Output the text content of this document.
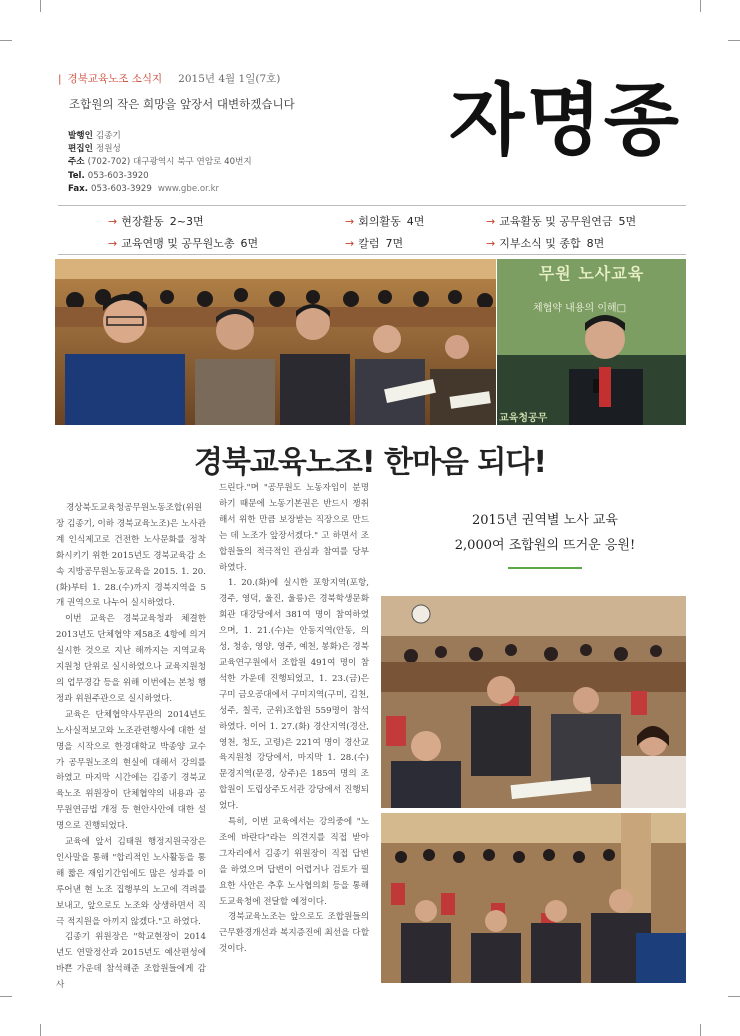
| 경북교육노조 소식지 2015년 4월 1일(7호)
조합원의 작은 희망을 앞장서 대변하겠습니다
발행인 김종기
편집인 정원성
주소 (702-702) 대구광역시 북구 연암로 40번지
Tel. 053-603-3920
Fax. 053-603-3929 www.gbe.or.kr
자명종
→ 현장활동 2~3면	→ 회의활동 4면	→ 교육활동 및 공무원연금 5면
→ 교육연맹 및 공무원노총 6면	→ 칼럼 7면	→ 지부소식 및 종합 8면
무원 노사교육
체협약 내용의 이해□
교육청공무
경북교육노조! 한마음 되다!
2015년 권역별 노사 교육
2,000여 조합원의 뜨거운 응원!

경상북도교육청공무원노동조합(위원장 김종기, 이하 경북교육노조)은 노사관계 인식제고로 건전한 노사문화를 정착화시키기 위한 2015년도 경북교육감 소속 지방공무원노동교육을 2015. 1. 20.(화)부터 1. 28.(수)까지 경북지역을 5개 권역으로 나누어 실시하였다.

이번 교육은 경북교육청과 체결한 2013년도 단체협약 제58조 4항에 의거 실시한 것으로 지난 해까지는 지역교육지원청 단위로 실시하였으나 교육지원청의 업무경감 등을 위해 이번에는 본청 행정과 위원주관으로 실시하였다.

교육은 단체협약사무관의 2014년도 노사실적보고와 노조관련행사에 대한 설명을 시작으로 한경대학교 박종양 교수가 공무원노조의 현실에 대해서 강의를 하였고 마지막 시간에는 김종기 경북교육노조 위원장이 단체협약의 내용과 공무원연금법 개정 등 현안사안에 대한 설명으로 진행되었다.

교육에 앞서 김태원 행정지원국장은 인사말을 통해 "합리적인 노사활동을 통해 짧은 재임기간임에도 많은 성과를 이루어낸 현 노조 집행부의 노고에 격려를 보내고, 앞으로도 노조와 상생하면서 직극 적지원을 아끼지 않겠다."고 하였다.

김종기 위원장은 "학교현장이 2014년도 연말정산과 2015년도 예산편성에 바쁜 가운데 참석해준 조합원들에게 감사

드린다."며 "공무원도 노동자임이 분명하기 때문에 노동기본권은 반드시 쟁취해서 위한 만큼 보장받는 직장으로 만드는 데 노조가 앞장서겠다." 고 하면서 조합원들의 적극적인 관심과 참여를 당부하였다.

1. 20.(화)에 실시한 포항지역(포항, 경주, 영덕, 울진, 울릉)은 경북학생문화회관 대강당에서 381여 명이 참여하였으며, 1. 21.(수)는 안동지역(안동, 의성, 청송, 영양, 영주, 예천, 봉화)은 경북교육연구원에서 조합원 491여 명이 참석한 가운데 진행되었고, 1. 23.(금)은 구미 금오공대에서 구미지역(구미, 김천, 성주, 칠곡, 군위)조합원 559명이 참석하였다. 이어 1. 27.(화) 경산지역(경산, 영천, 청도, 고령)은 221여 명이 경산교육지원청 강당에서, 마지막 1. 28.(수) 문경지역(문경, 상주)은 185여 명의 조합원이 도립상주도서관 강당에서 진행되었다.

특히, 이번 교육에서는 강의중에 "노조에 바란다"라는 의견지를 직접 받아 그자리에서 김종기 위원장이 직접 답변을 하였으며 답변이 어렵거나 검토가 필요한 사안은 추후 노사협의회 등을 통해 도교육청에 전달할 예정이다.

경북교육노조는 앞으로도 조합원들의 근무환경개선과 복지증진에 최선을 다할 것이다.
